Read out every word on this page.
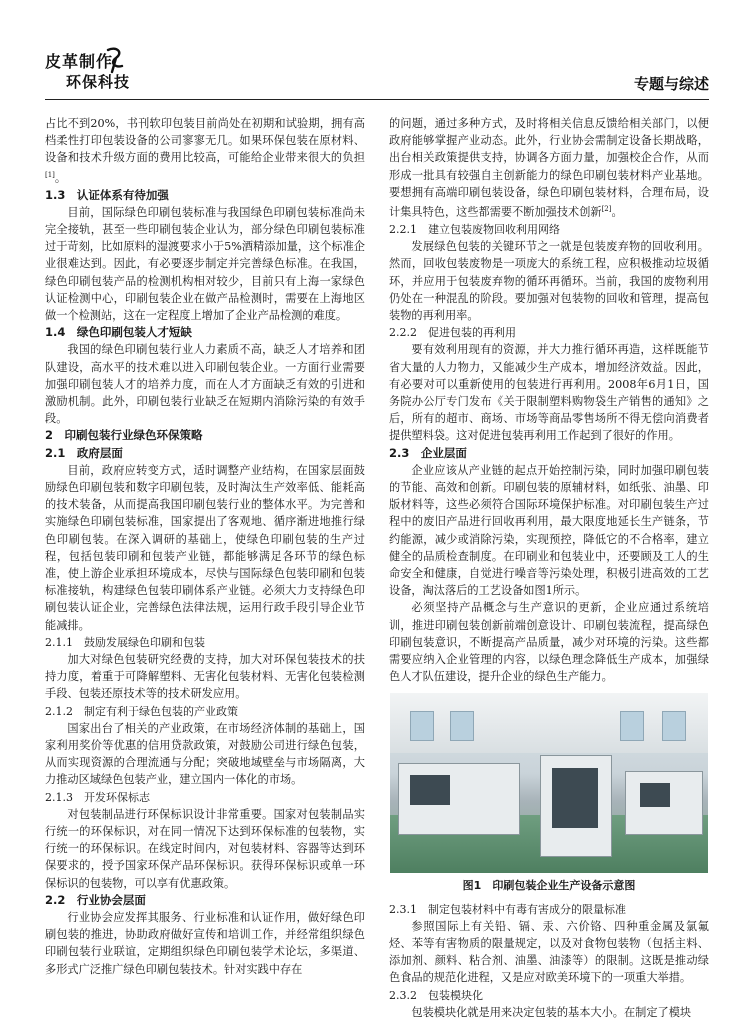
皮革制作
环保科技	专题与综述

占比不到20%，书刊软印包装目前尚处在初期和试验期，拥有高档柔性打印包装设备的公司寥寥无几。如果环保包装在原材料、设备和技术升级方面的费用比较高，可能给企业带来很大的负担[1]。

1.3　认证体系有待加强

目前，国际绿色印刷包装标准与我国绿色印刷包装标准尚未完全接轨，甚至一些印刷包装企业认为，部分绿色印刷包装标准过于苛刻，比如原料的湿渡要求小于5%酒精添加量，这个标准企业很难达到。因此，有必要逐步制定并完善绿色标准。在我国，绿色印刷包装产品的检测机构相对较少，目前只有上海一家绿色认证检测中心，印刷包装企业在做产品检测时，需要在上海地区做一个检测站，这在一定程度上增加了企业产品检测的难度。

1.4　绿色印刷包装人才短缺

我国的绿色印刷包装行业人力素质不高，缺乏人才培养和团队建设，高水平的技术难以进入印刷包装企业。一方面行业需要加强印刷包装人才的培养力度，而在人才方面缺乏有效的引进和激励机制。此外，印刷包装行业缺乏在短期内消除污染的有效手段。

2　印刷包装行业绿色环保策略
2.1　政府层面

目前，政府应转变方式，适时调整产业结构，在国家层面鼓励绿色印刷包装和数字印刷包装，及时淘汰生产效率低、能耗高的技术装备，从而提高我国印刷包装行业的整体水平。为完善和实施绿色印刷包装标准，国家提出了客观地、循序渐进地推行绿色印刷包装。在深入调研的基础上，使绿色印刷包装的生产过程，包括包装印刷和包装产业链，都能够满足各环节的绿色标准，使上游企业承担环境成本，尽快与国际绿色包装印刷和包装标准接轨，构建绿色包装印刷体系产业链。必须大力支持绿色印刷包装认证企业，完善绿色法律法规，运用行政手段引导企业节能减排。

2.1.1　鼓励发展绿色印刷和包装

加大对绿色包装研究经费的支持，加大对环保包装技术的扶持力度，着重于可降解塑料、无害化包装材料、无害化包装检测手段、包装还原技术等的技术研发应用。

2.1.2　制定有利于绿色包装的产业政策

国家出台了相关的产业政策，在市场经济体制的基础上，国家利用奖价等优惠的信用贷款政策，对鼓励公司进行绿色包装，从而实现资源的合理流通与分配；突破地域壁垒与市场隔离，大力推动区域绿色包装产业，建立国内一体化的市场。

2.1.3　开发环保标志

对包装制品进行环保标识设计非常重要。国家对包装制品实行统一的环保标识，对在同一情况下达到环保标准的包装物，实行统一的环保标识。在线定时间内，对包装材料、容器等达到环保要求的，授予国家环保产品环保标识。获得环保标识或单一环保标识的包装物，可以享有优惠政策。

2.2　行业协会层面

行业协会应发挥其服务、行业标准和认证作用，做好绿色印刷包装的推进，协助政府做好宣传和培训工作，并经常组织绿色印刷包装行业联谊，定期组织绿色印刷包装学术论坛，多渠道、多形式广泛推广绿色印刷包装技术。针对实践中存在

的问题，通过多种方式，及时将相关信息反馈给相关部门，以便政府能够掌握产业动态。此外，行业协会需制定设备长期战略，出台相关政策提供支持，协调各方面力量，加强校企合作，从而形成一批具有较强自主创新能力的绿色印刷包装材料产业基地。要想拥有高端印刷包装设备，绿色印刷包装材料，合理布局，设计集具特色，这些都需要不断加强技术创新[2]。

2.2.1　建立包装废物回收利用网络

发展绿色包装的关键环节之一就是包装废弃物的回收利用。然而，回收包装废物是一项庞大的系统工程，应积极推动垃圾循环，并应用于包装废弃物的循环再循环。当前，我国的废物利用仍处在一种混乱的阶段。要加强对包装物的回收和管理，提高包装物的再利用率。

2.2.2　促进包装的再利用

要有效利用现有的资源，并大力推行循环再造，这样既能节省大量的人力物力，又能减少生产成本，增加经济效益。因此，有必要对可以重新使用的包装进行再利用。2008年6月1日，国务院办公厅专门发布《关于限制塑料购物袋生产销售的通知》之后，所有的超市、商场、市场等商品零售场所不得无偿向消费者提供塑料袋。这对促进包装再利用工作起到了很好的作用。

2.3　企业层面

企业应该从产业链的起点开始控制污染，同时加强印刷包装的节能、高效和创新。印刷包装的原辅材料，如纸张、油墨、印版材料等，这些必须符合国际环境保护标准。对印刷包装生产过程中的废旧产品进行回收再利用，最大限度地延长生产链条，节约能源，减少或消除污染，实现预控，降低它的不合格率，建立健全的品质检查制度。在印刷业和包装业中，还要顾及工人的生命安全和健康，自觉进行噪音等污染处理，积极引进高效的工艺设备，淘汰落后的工艺设备如图1所示。

必须坚持产品概念与生产意识的更新，企业应通过系统培训，推进印刷包装创新前端创意设计、印刷包装流程，提高绿色印刷包装意识，不断提高产品质量，减少对环境的污染。这些都需要应纳入企业管理的内容，以绿色理念降低生产成本，加强绿色人才队伍建设，提升企业的绿色生产能力。

图1　印刷包装企业生产设备示意图
2.3.1　制定包装材料中有毒有害成分的限量标准

参照国际上有关铅、镉、汞、六价铬、四种重金属及氯氟烃、苯等有害物质的限量规定，以及对食物包装物（包括主料、添加剂、颜料、粘合剂、油墨、油漆等）的限制。这既是推动绿色食品的规范化进程，又是应对欧美环境下的一项重大举措。

2.3.2　包装模块化

包装模块化就是用来决定包装的基本大小。在制定了模块
